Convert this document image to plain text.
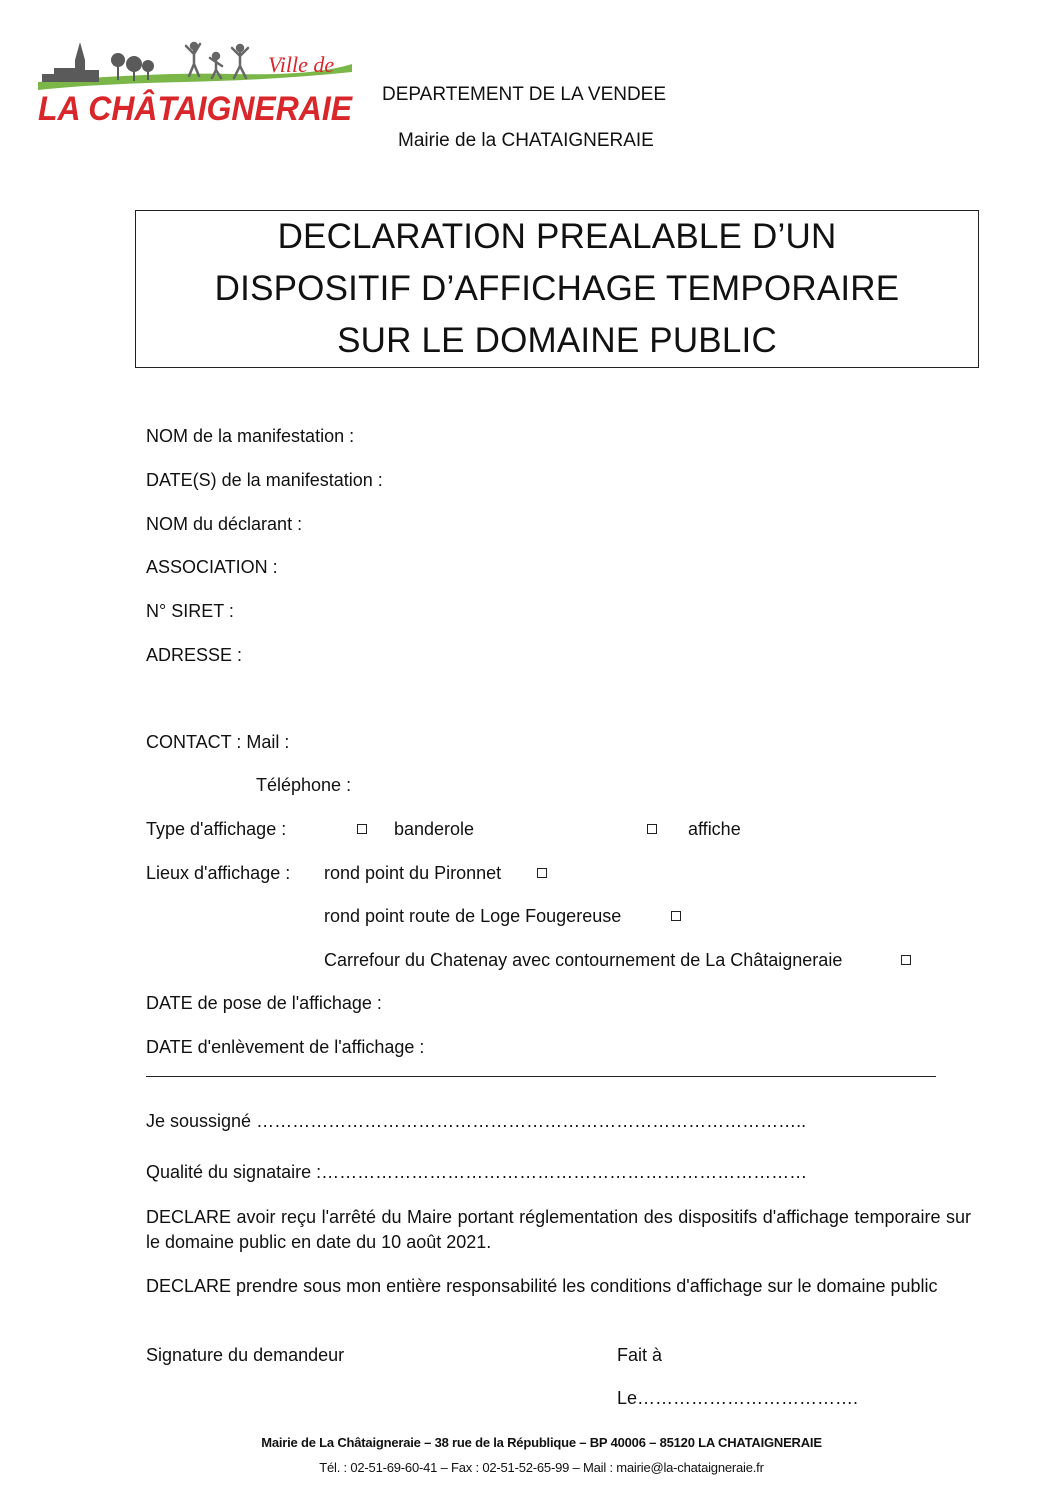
Ville de
LA CHÂTAIGNERAIE DEPARTEMENT DE LA VENDEE
Mairie de la CHATAIGNERAIE
DECLARATION PREALABLE D’UN
DISPOSITIF D’AFFICHAGE TEMPORAIRE
SUR LE DOMAINE PUBLIC
NOM de la manifestation :
DATE(S) de la manifestation :
NOM du déclarant :
ASSOCIATION :
N° SIRET :
ADRESSE :
CONTACT : Mail :
Téléphone :
Type d'affichage :	banderole	affiche
Lieux d'affichage : rond point du Pironnet
rond point route de Loge Fougereuse
Carrefour du Chatenay avec contournement de La Châtaigneraie
DATE de pose de l'affichage :
DATE d'enlèvement de l'affichage :
Je soussigné ………………………………………………………………………………..
Qualité du signataire :………………………………………………………………………
DECLARE avoir reçu l'arrêté du Maire portant réglementation des dispositifs d'affichage temporaire sur le domaine public en date du 10 août 2021.
DECLARE prendre sous mon entière responsabilité les conditions d'affichage sur le domaine public
Signature du demandeur	Fait à
Le……………………………….
Mairie de La Châtaigneraie – 38 rue de la République – BP 40006 – 85120 LA CHATAIGNERAIE
Tél. : 02-51-69-60-41 – Fax : 02-51-52-65-99 – Mail : mairie@la-chataigneraie.fr
